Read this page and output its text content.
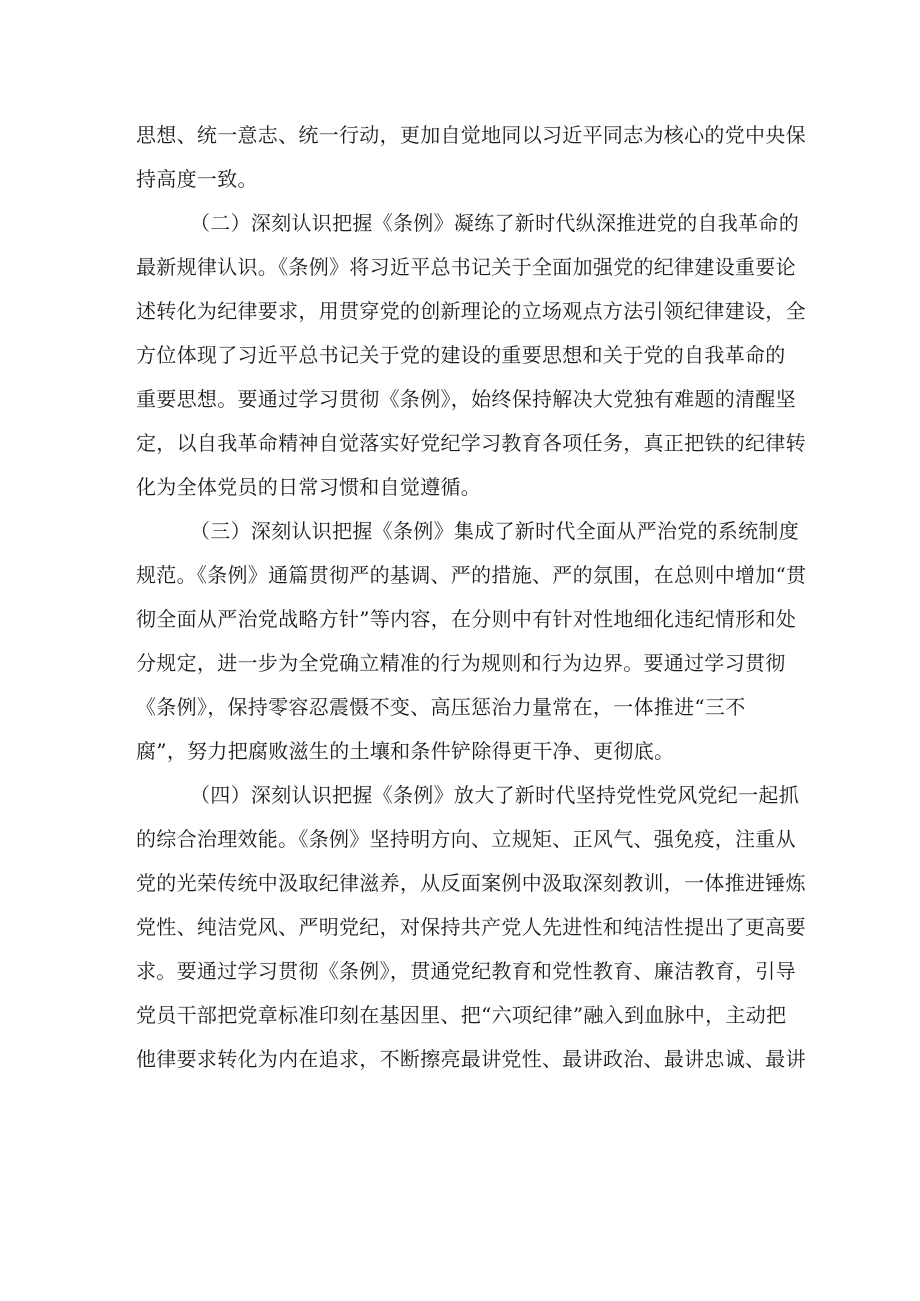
思想、统一意志、统一行动，更加自觉地同以习近平同志为核心的党中央保
持高度一致。
（二）深刻认识把握《条例》凝练了新时代纵深推进党的自我革命的
最新规律认识。《条例》将习近平总书记关于全面加强党的纪律建设重要论
述转化为纪律要求，用贯穿党的创新理论的立场观点方法引领纪律建设，全
方位体现了习近平总书记关于党的建设的重要思想和关于党的自我革命的
重要思想。要通过学习贯彻《条例》，始终保持解决大党独有难题的清醒坚
定，以自我革命精神自觉落实好党纪学习教育各项任务，真正把铁的纪律转
化为全体党员的日常习惯和自觉遵循。
（三）深刻认识把握《条例》集成了新时代全面从严治党的系统制度
规范。《条例》通篇贯彻严的基调、严的措施、严的氛围，在总则中增加“贯
彻全面从严治党战略方针”等内容，在分则中有针对性地细化违纪情形和处
分规定，进一步为全党确立精准的行为规则和行为边界。要通过学习贯彻
《条例》，保持零容忍震慑不变、高压惩治力量常在，一体推进“三不
腐”，努力把腐败滋生的土壤和条件铲除得更干净、更彻底。
（四）深刻认识把握《条例》放大了新时代坚持党性党风党纪一起抓
的综合治理效能。《条例》坚持明方向、立规矩、正风气、强免疫，注重从
党的光荣传统中汲取纪律滋养，从反面案例中汲取深刻教训，一体推进锤炼
党性、纯洁党风、严明党纪，对保持共产党人先进性和纯洁性提出了更高要
求。要通过学习贯彻《条例》，贯通党纪教育和党性教育、廉洁教育，引导
党员干部把党章标准印刻在基因里、把“六项纪律”融入到血脉中，主动把
他律要求转化为内在追求，不断擦亮最讲党性、最讲政治、最讲忠诚、最讲
